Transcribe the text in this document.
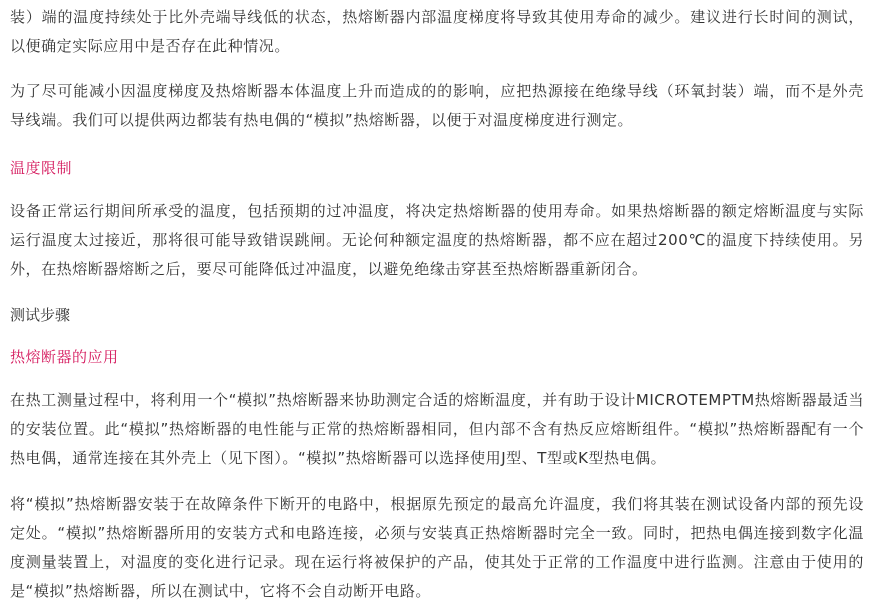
装）端的温度持续处于比外壳端导线低的状态，热熔断器内部温度梯度将导致其使用寿命的减少。建议进行长时间的测试，以便确定实际应用中是否存在此种情况。

为了尽可能减小因温度梯度及热熔断器本体温度上升而造成的的影响，应把热源接在绝缘导线（环氧封装）端，而不是外壳导线端。我们可以提供两边都装有热电偶的“模拟”热熔断器，以便于对温度梯度进行测定。

温度限制

设备正常运行期间所承受的温度，包括预期的过冲温度，将决定热熔断器的使用寿命。如果热熔断器的额定熔断温度与实际运行温度太过接近，那将很可能导致错误跳闸。无论何种额定温度的热熔断器，都不应在超过200℃的温度下持续使用。另外，在热熔断器熔断之后，要尽可能降低过冲温度，以避免绝缘击穿甚至热熔断器重新闭合。

测试步骤
热熔断器的应用

在热工测量过程中，将利用一个“模拟”热熔断器来协助测定合适的熔断温度，并有助于设计MICROTEMPTM热熔断器最适当的安装位置。此“模拟”热熔断器的电性能与正常的热熔断器相同，但内部不含有热反应熔断组件。“模拟”热熔断器配有一个热电偶，通常连接在其外壳上（见下图）。“模拟”热熔断器可以选择使用J型、T型或K型热电偶。

将“模拟”热熔断器安装于在故障条件下断开的电路中，根据原先预定的最高允许温度，我们将其装在测试设备内部的预先设定处。“模拟”热熔断器所用的安装方式和电路连接，必须与安装真正热熔断器时完全一致。同时，把热电偶连接到数字化温度测量装置上，对温度的变化进行记录。现在运行将被保护的产品，使其处于正常的工作温度中进行监测。注意由于使用的是“模拟”热熔断器，所以在测试中，它将不会自动断开电路。
